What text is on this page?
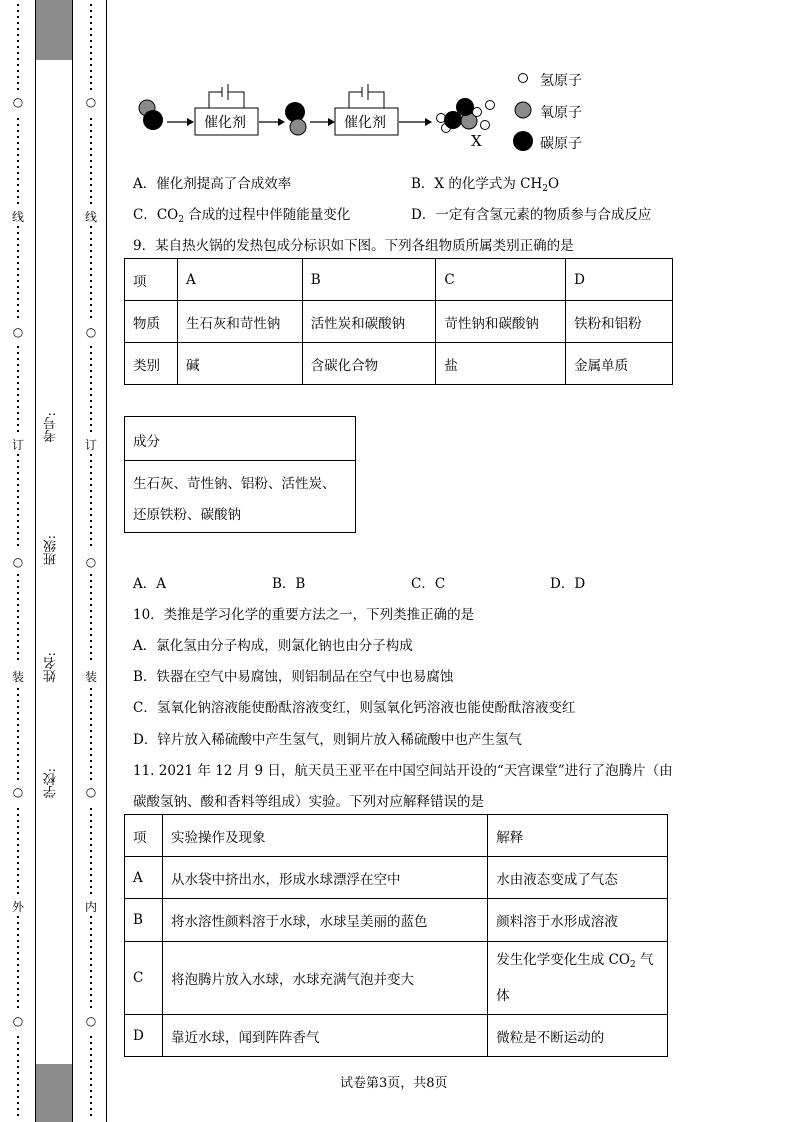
○
线
○
订
○
装
○
外
○
○
线
○
订
○
装
○
内
○
考号:
班级:
姓名:
学校:
催化剂	催化剂
X
氢原子
氧原子
碳原子
A．催化剂提高了合成效率	B．X 的化学式为 $CH_2O$
C．$CO_2$ 合成的过程中伴随能量变化	D．一定有含氢元素的物质参与合成反应
9．某自热火锅的发热包成分标识如下图。下列各组物质所属类别正确的是
项	A	B	C	D
物质	生石灰和苛性钠	活性炭和碳酸钠	苛性钠和碳酸钠	铁粉和铝粉
类别	碱	含碳化合物	盐	金属单质
成分
生石灰、苛性钠、铝粉、活性炭、
还原铁粉、碳酸钠
A．A	B．B	C．C	D．D
10．类推是学习化学的重要方法之一，下列类推正确的是
A．氯化氢由分子构成，则氯化钠也由分子构成
B．铁器在空气中易腐蚀，则铝制品在空气中也易腐蚀
C．氢氧化钠溶液能使酚酞溶液变红，则氢氧化钙溶液也能使酚酞溶液变红
D．锌片放入稀硫酸中产生氢气，则铜片放入稀硫酸中也产生氢气
11. 2021 年 12 月 9 日，航天员王亚平在中国空间站开设的“天宫课堂”进行了泡腾片（由
碳酸氢钠、酸和香料等组成）实验。下列对应解释错误的是
项	实验操作及现象	解释
A	从水袋中挤出水，形成水球漂浮在空中	水由液态变成了气态
B	将水溶性颜料溶于水球，水球呈美丽的蓝色	颜料溶于水形成溶液
C	将泡腾片放入水球，水球充满气泡并变大	发生化学变化生成 $CO_2$ 气
体
D	靠近水球，闻到阵阵香气	微粒是不断运动的
试卷第3页，共8页
